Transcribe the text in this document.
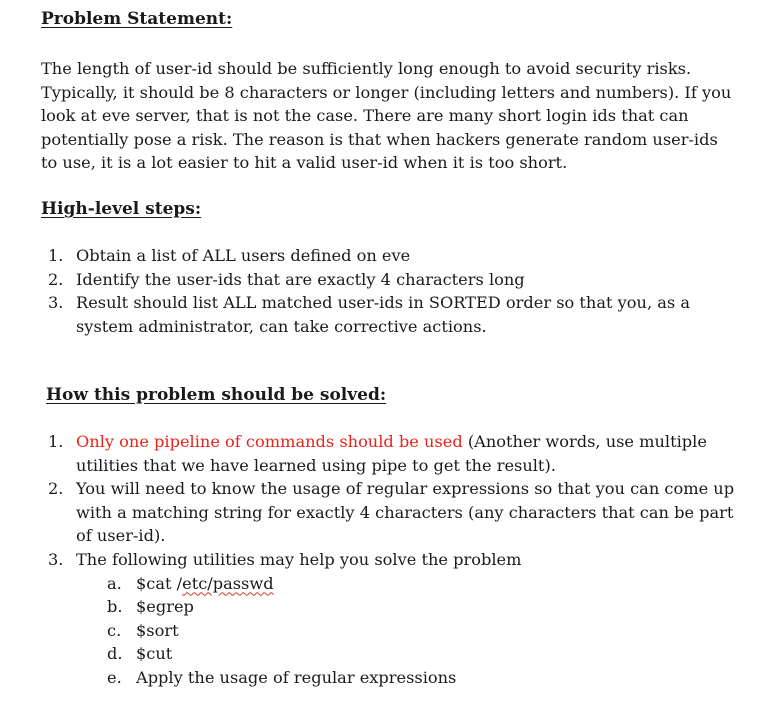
Problem Statement:

The length of user-id should be sufficiently long enough to avoid security risks.
Typically, it should be 8 characters or longer (including letters and numbers). If you
look at eve server, that is not the case. There are many short login ids that can
potentially pose a risk. The reason is that when hackers generate random user-ids
to use, it is a lot easier to hit a valid user-id when it is too short.

High-level steps:
1. Obtain a list of ALL users defined on eve
2. Identify the user-ids that are exactly 4 characters long
3. Result should list ALL matched user-ids in SORTED order so that you, as a
system administrator, can take corrective actions.
How this problem should be solved:
1. Only one pipeline of commands should be used (Another words, use multiple
utilities that we have learned using pipe to get the result).
2. You will need to know the usage of regular expressions so that you can come up
with a matching string for exactly 4 characters (any characters that can be part
of user-id).
3. The following utilities may help you solve the problem
a. $cat /etc/passwd
b. $egrep
c. $sort
d. $cut
e. Apply the usage of regular expressions
